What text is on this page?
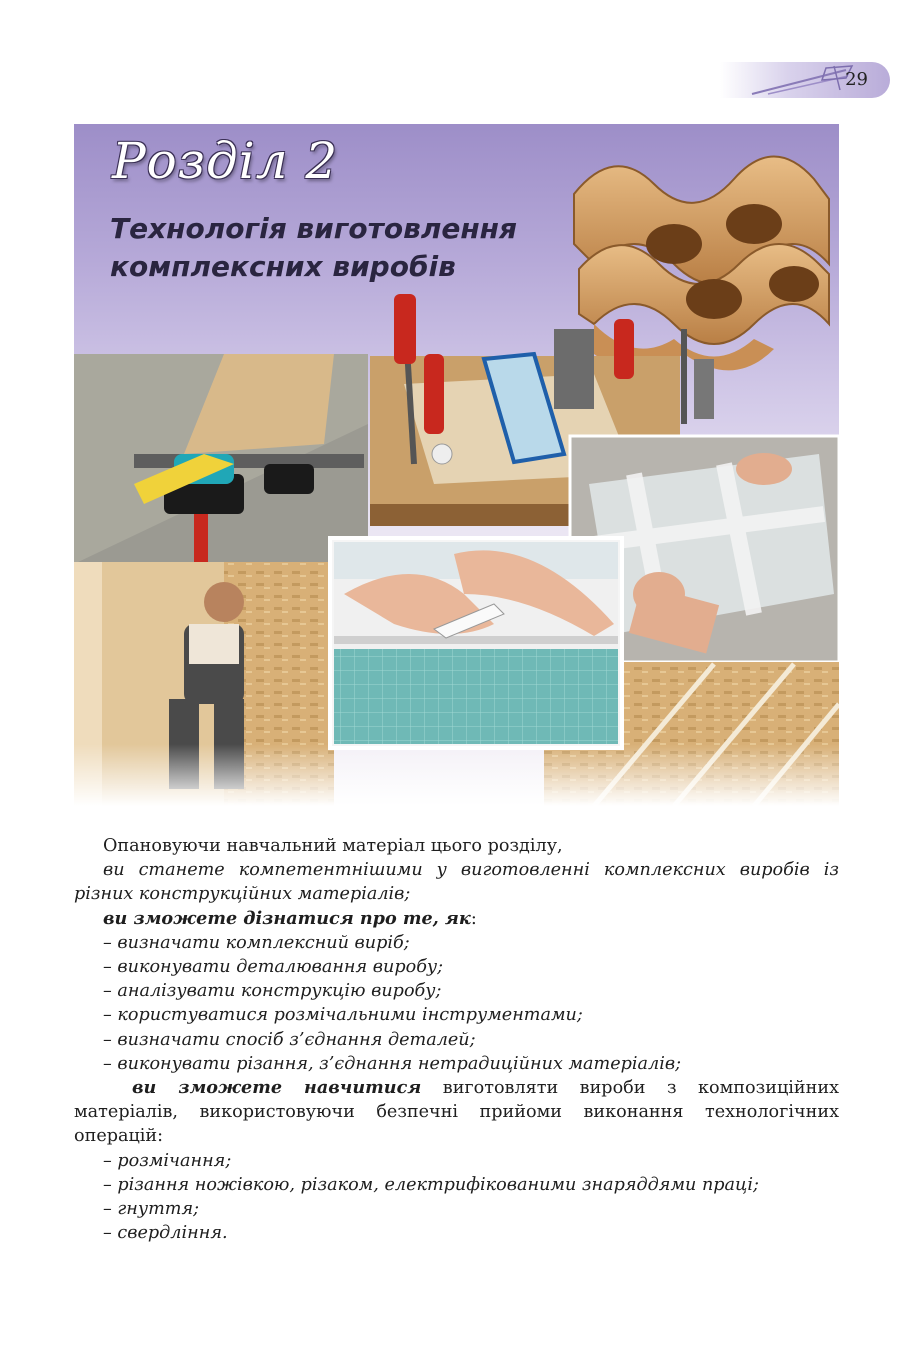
29
Розділ 2
Технологія виготовлення
комплексних виробів

Опановуючи навчальний матеріал цього розділу,

ви станете компетентнішими у виготовленні комплексних виробів із різних конструкційних матеріалів;

ви зможете дізнатися про те, як:

– визначати комплексний виріб;
– виконувати деталювання виробу;
– аналізувати конструкцію виробу;
– користуватися розмічальними інструментами;
– визначати спосіб з’єднання деталей;
– виконувати різання, з’єднання нетрадиційних матеріалів;

ви зможете навчитися виготовляти вироби з композиційних матеріалів, використовуючи безпечні прийоми виконання технологічних операцій:

– розмічання;
– різання ножівкою, різаком, електрифікованими знаряддями праці;
– гнуття;
– свердління.
